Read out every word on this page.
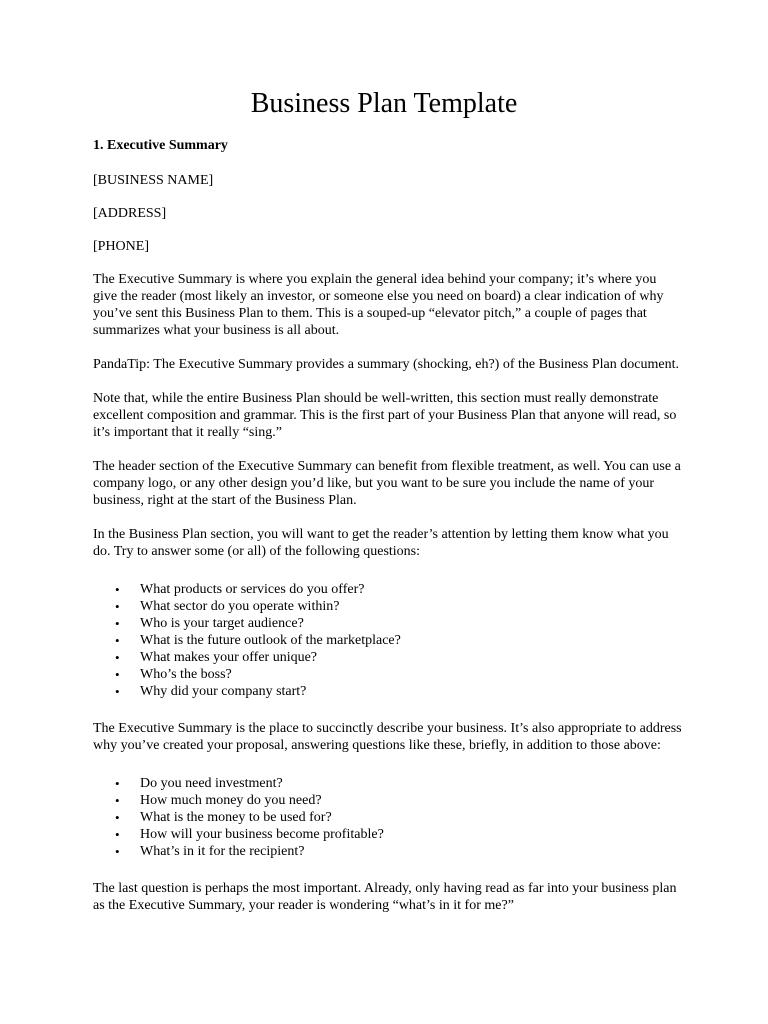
Business Plan Template

1. Executive Summary

[BUSINESS NAME]

[ADDRESS]

[PHONE]

The Executive Summary is where you explain the general idea behind your company; it’s where you give the reader (most likely an investor, or someone else you need on board) a clear indication of why you’ve sent this Business Plan to them. This is a souped-up “elevator pitch,” a couple of pages that summarizes what your business is all about.

PandaTip: The Executive Summary provides a summary (shocking, eh?) of the Business Plan document.

Note that, while the entire Business Plan should be well-written, this section must really demonstrate excellent composition and grammar. This is the first part of your Business Plan that anyone will read, so it’s important that it really “sing.”

The header section of the Executive Summary can benefit from flexible treatment, as well. You can use a company logo, or any other design you’d like, but you want to be sure you include the name of your business, right at the start of the Business Plan.

In the Business Plan section, you will want to get the reader’s attention by letting them know what you do. Try to answer some (or all) of the following questions:

• What products or services do you offer?
• What sector do you operate within?
• Who is your target audience?
• What is the future outlook of the marketplace?
• What makes your offer unique?
• Who’s the boss?
• Why did your company start?

The Executive Summary is the place to succinctly describe your business. It’s also appropriate to address why you’ve created your proposal, answering questions like these, briefly, in addition to those above:

• Do you need investment?
• How much money do you need?
• What is the money to be used for?
• How will your business become profitable?
• What’s in it for the recipient?

The last question is perhaps the most important. Already, only having read as far into your business plan as the Executive Summary, your reader is wondering “what’s in it for me?”
